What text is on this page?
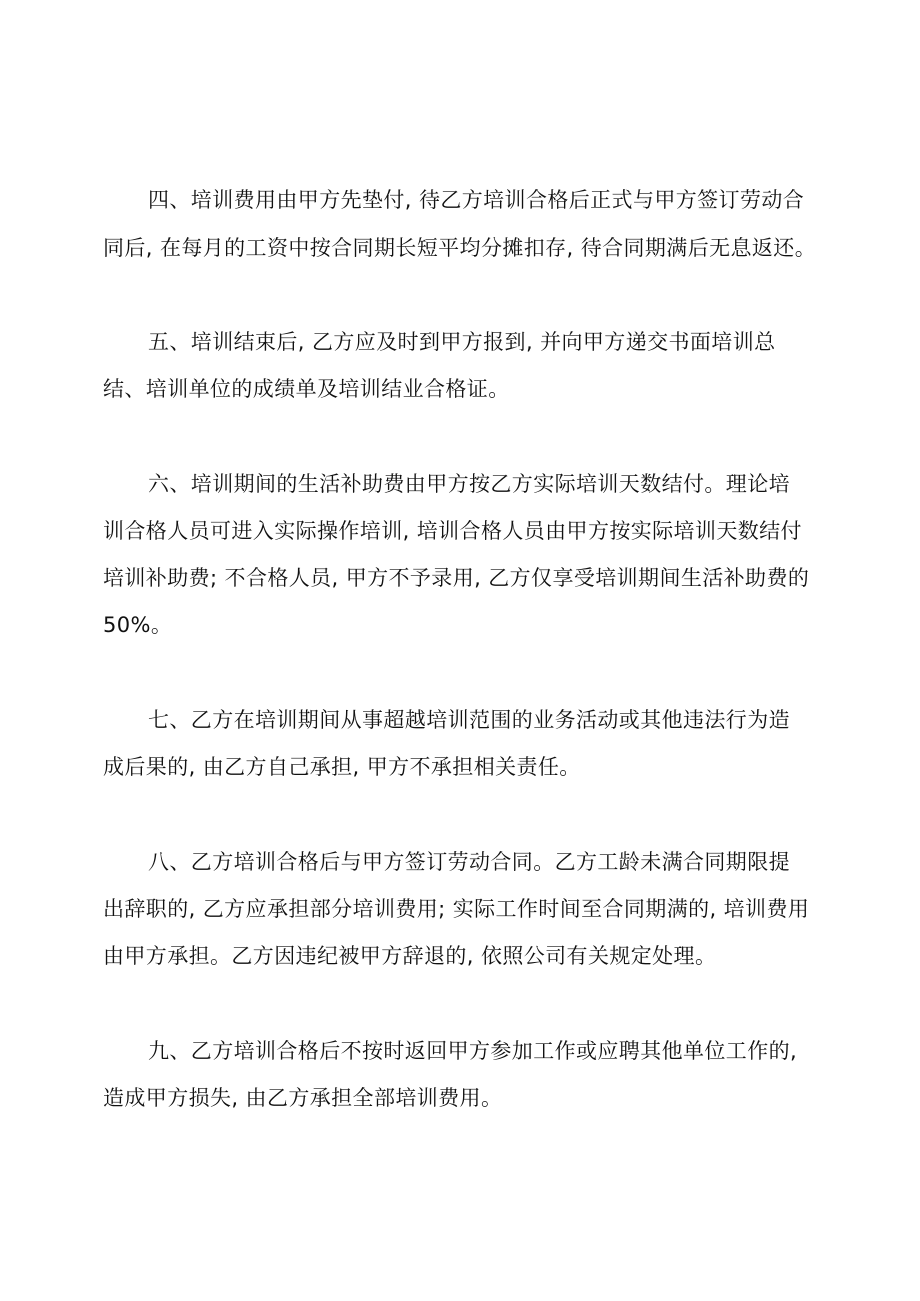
四、培训费用由甲方先垫付, 待乙方培训合格后正式与甲方签订劳动合
同后, 在每月的工资中按合同期长短平均分摊扣存, 待合同期满后无息返还。
五、培训结束后, 乙方应及时到甲方报到, 并向甲方递交书面培训总
结、培训单位的成绩单及培训结业合格证。
六、培训期间的生活补助费由甲方按乙方实际培训天数结付。理论培
训合格人员可进入实际操作培训, 培训合格人员由甲方按实际培训天数结付
培训补助费; 不合格人员, 甲方不予录用, 乙方仅享受培训期间生活补助费的
50%。
七、乙方在培训期间从事超越培训范围的业务活动或其他违法行为造
成后果的, 由乙方自己承担, 甲方不承担相关责任。
八、乙方培训合格后与甲方签订劳动合同。乙方工龄未满合同期限提
出辞职的, 乙方应承担部分培训费用; 实际工作时间至合同期满的, 培训费用
由甲方承担。乙方因违纪被甲方辞退的, 依照公司有关规定处理。
九、乙方培训合格后不按时返回甲方参加工作或应聘其他单位工作的,
造成甲方损失, 由乙方承担全部培训费用。
